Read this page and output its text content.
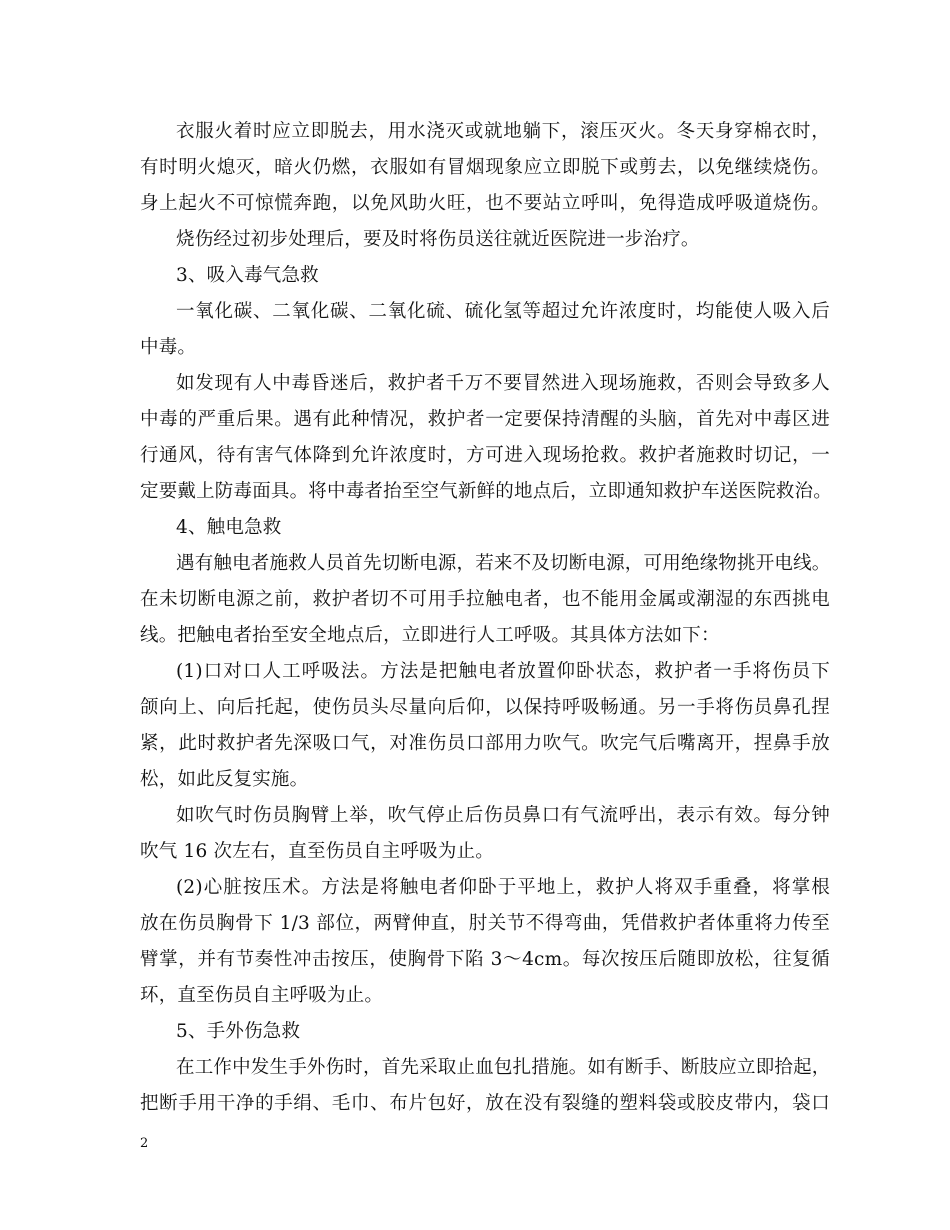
衣服火着时应立即脱去，用水浇灭或就地躺下，滚压灭火。冬天身穿棉衣时，
有时明火熄灭，暗火仍燃，衣服如有冒烟现象应立即脱下或剪去，以免继续烧伤。
身上起火不可惊慌奔跑，以免风助火旺，也不要站立呼叫，免得造成呼吸道烧伤。
烧伤经过初步处理后，要及时将伤员送往就近医院进一步治疗。
3、吸入毒气急救
一氧化碳、二氧化碳、二氧化硫、硫化氢等超过允许浓度时，均能使人吸入后
中毒。
如发现有人中毒昏迷后，救护者千万不要冒然进入现场施救，否则会导致多人
中毒的严重后果。遇有此种情况，救护者一定要保持清醒的头脑，首先对中毒区进
行通风，待有害气体降到允许浓度时，方可进入现场抢救。救护者施救时切记，一
定要戴上防毒面具。将中毒者抬至空气新鲜的地点后，立即通知救护车送医院救治。
4、触电急救
遇有触电者施救人员首先切断电源，若来不及切断电源，可用绝缘物挑开电线。
在未切断电源之前，救护者切不可用手拉触电者，也不能用金属或潮湿的东西挑电
线。把触电者抬至安全地点后，立即进行人工呼吸。其具体方法如下：
(1)口对口人工呼吸法。方法是把触电者放置仰卧状态，救护者一手将伤员下
颌向上、向后托起，使伤员头尽量向后仰，以保持呼吸畅通。另一手将伤员鼻孔捏
紧，此时救护者先深吸口气，对准伤员口部用力吹气。吹完气后嘴离开，捏鼻手放
松，如此反复实施。
如吹气时伤员胸臂上举，吹气停止后伤员鼻口有气流呼出，表示有效。每分钟
吹气 16 次左右，直至伤员自主呼吸为止。
(2)心脏按压术。方法是将触电者仰卧于平地上，救护人将双手重叠，将掌根
放在伤员胸骨下 1/3 部位，两臂伸直，肘关节不得弯曲，凭借救护者体重将力传至
臂掌，并有节奏性冲击按压，使胸骨下陷 3～4cm。每次按压后随即放松，往复循
环，直至伤员自主呼吸为止。
5、手外伤急救
在工作中发生手外伤时，首先采取止血包扎措施。如有断手、断肢应立即拾起，
把断手用干净的手绢、毛巾、布片包好，放在没有裂缝的塑料袋或胶皮带内，袋口
2
